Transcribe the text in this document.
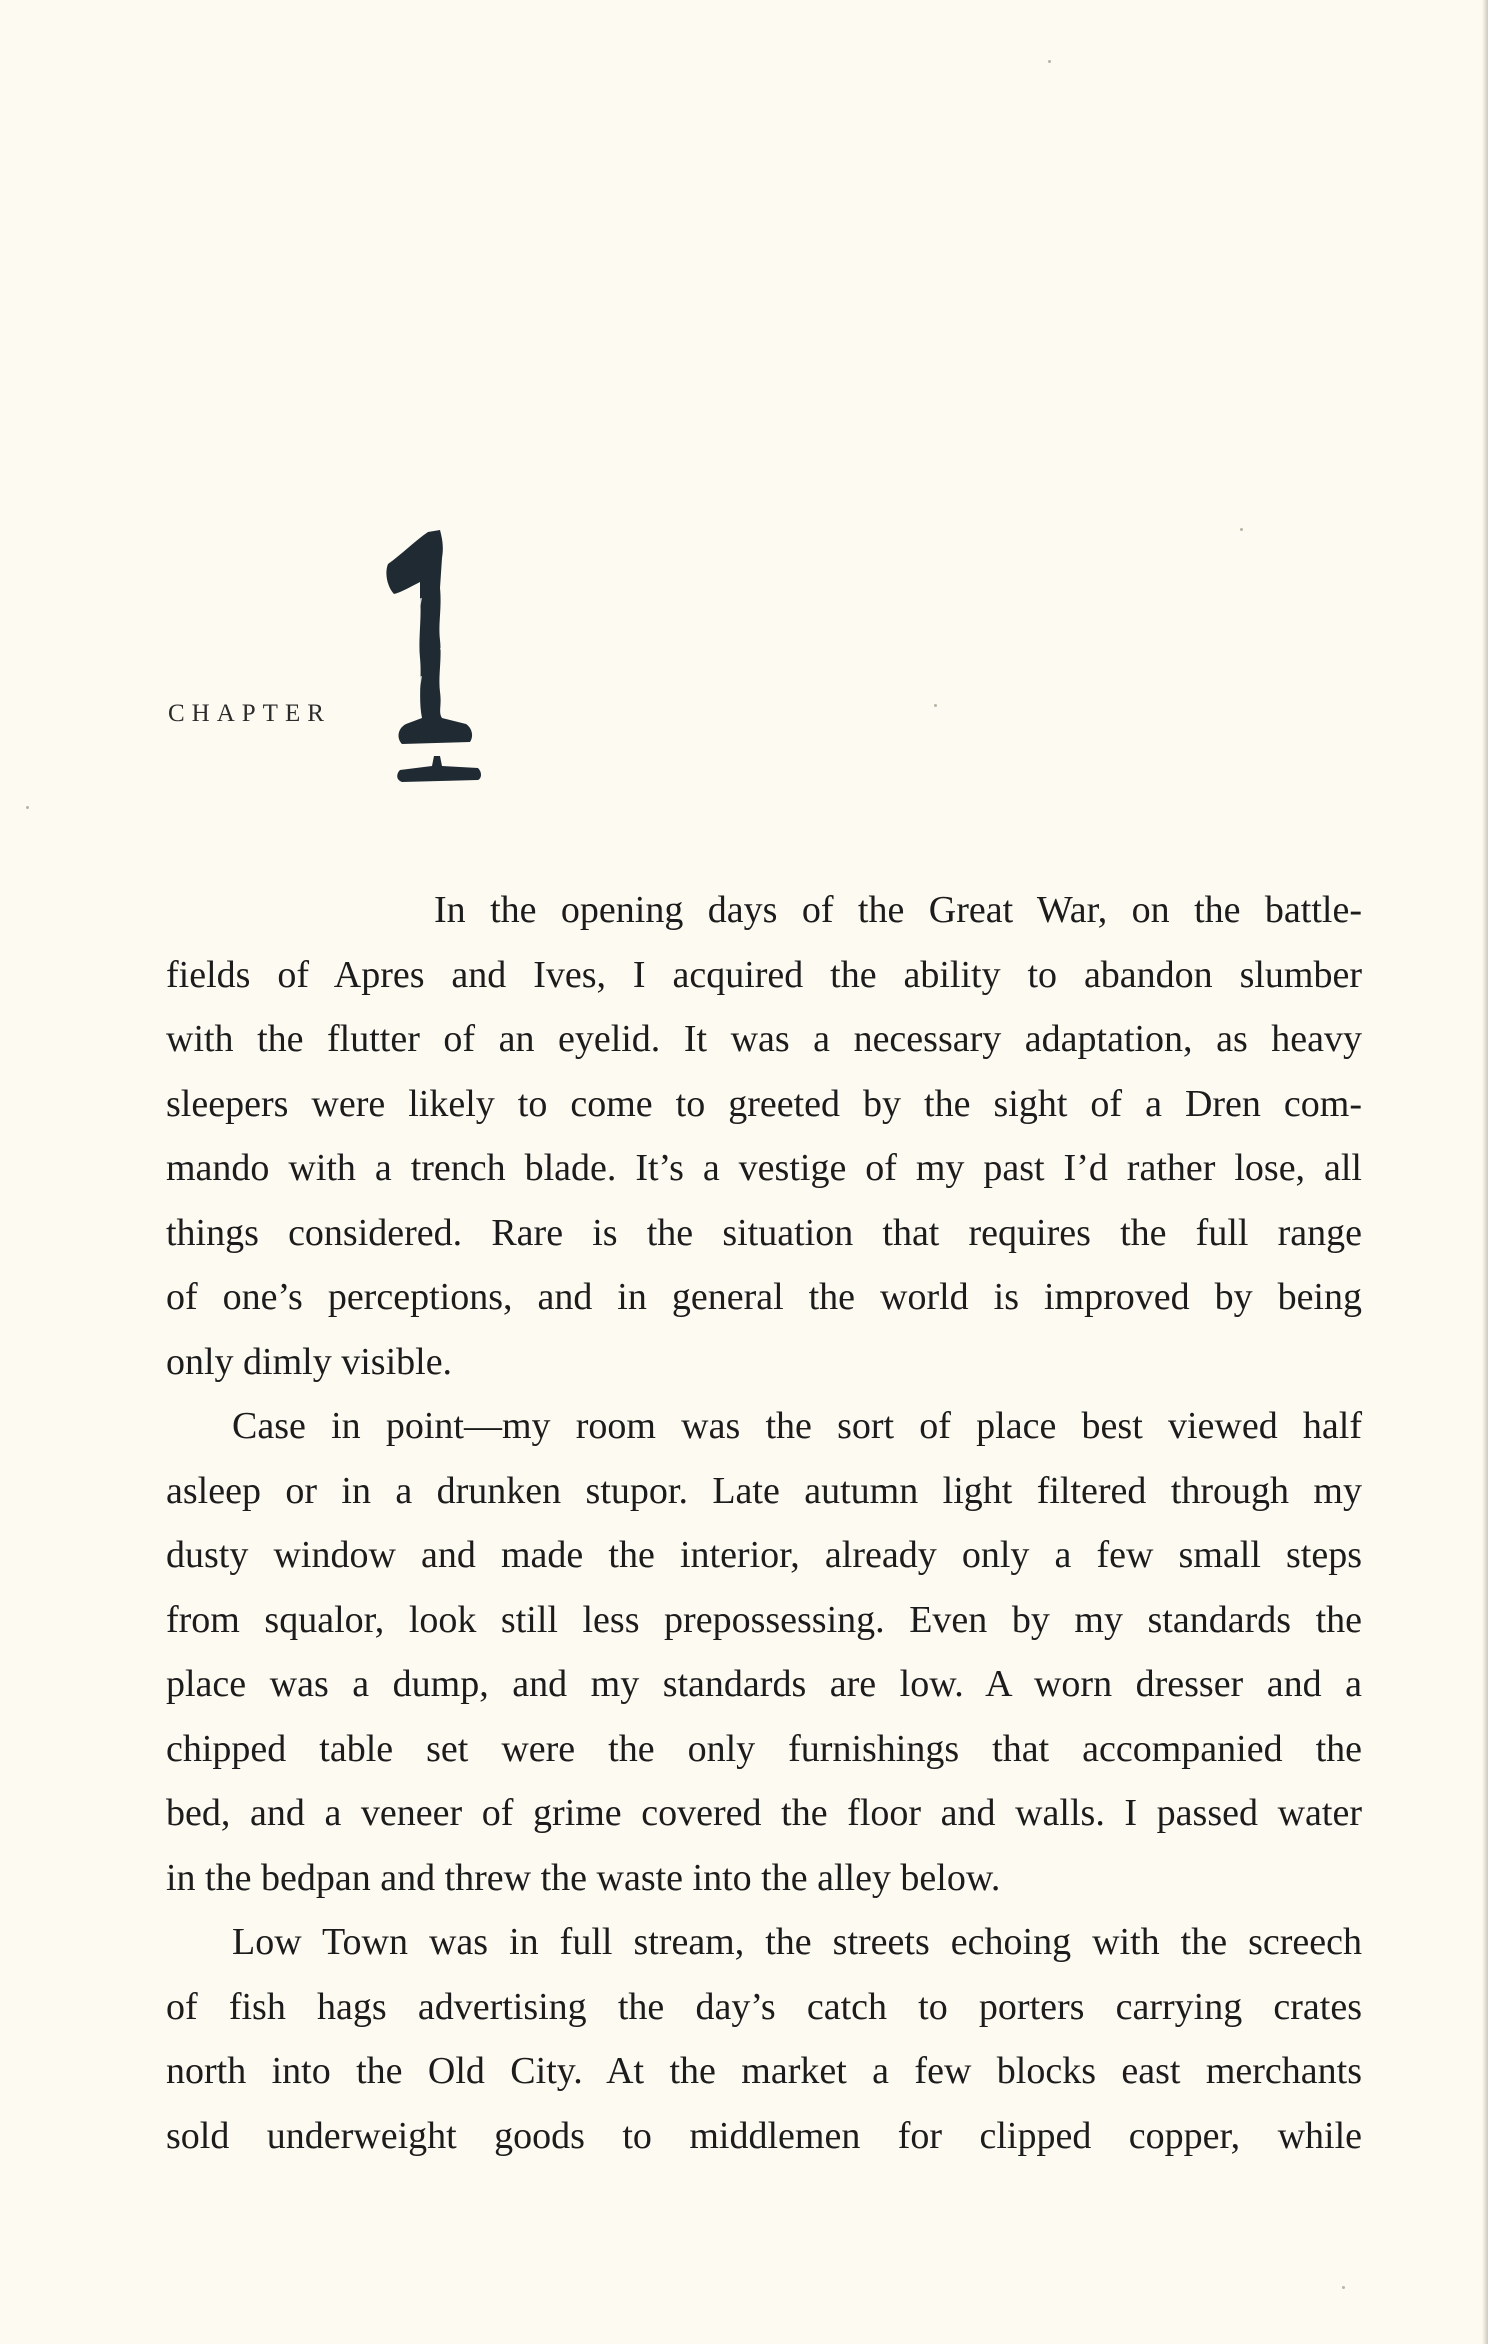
CHAPTER

In the opening days of the Great War, on the battle-
fields of Apres and Ives, I acquired the ability to abandon slumber
with the flutter of an eyelid. It was a necessary adaptation, as heavy
sleepers were likely to come to greeted by the sight of a Dren com-
mando with a trench blade. It’s a vestige of my past I’d rather lose, all
things considered. Rare is the situation that requires the full range
of one’s perceptions, and in general the world is improved by being
only dimly visible.

Case in point—my room was the sort of place best viewed half
asleep or in a drunken stupor. Late autumn light filtered through my
dusty window and made the interior, already only a few small steps
from squalor, look still less prepossessing. Even by my standards the
place was a dump, and my standards are low. A worn dresser and a
chipped table set were the only furnishings that accompanied the
bed, and a veneer of grime covered the floor and walls. I passed water
in the bedpan and threw the waste into the alley below.

Low Town was in full stream, the streets echoing with the screech
of fish hags advertising the day’s catch to porters carrying crates
north into the Old City. At the market a few blocks east merchants
sold underweight goods to middlemen for clipped copper, while
